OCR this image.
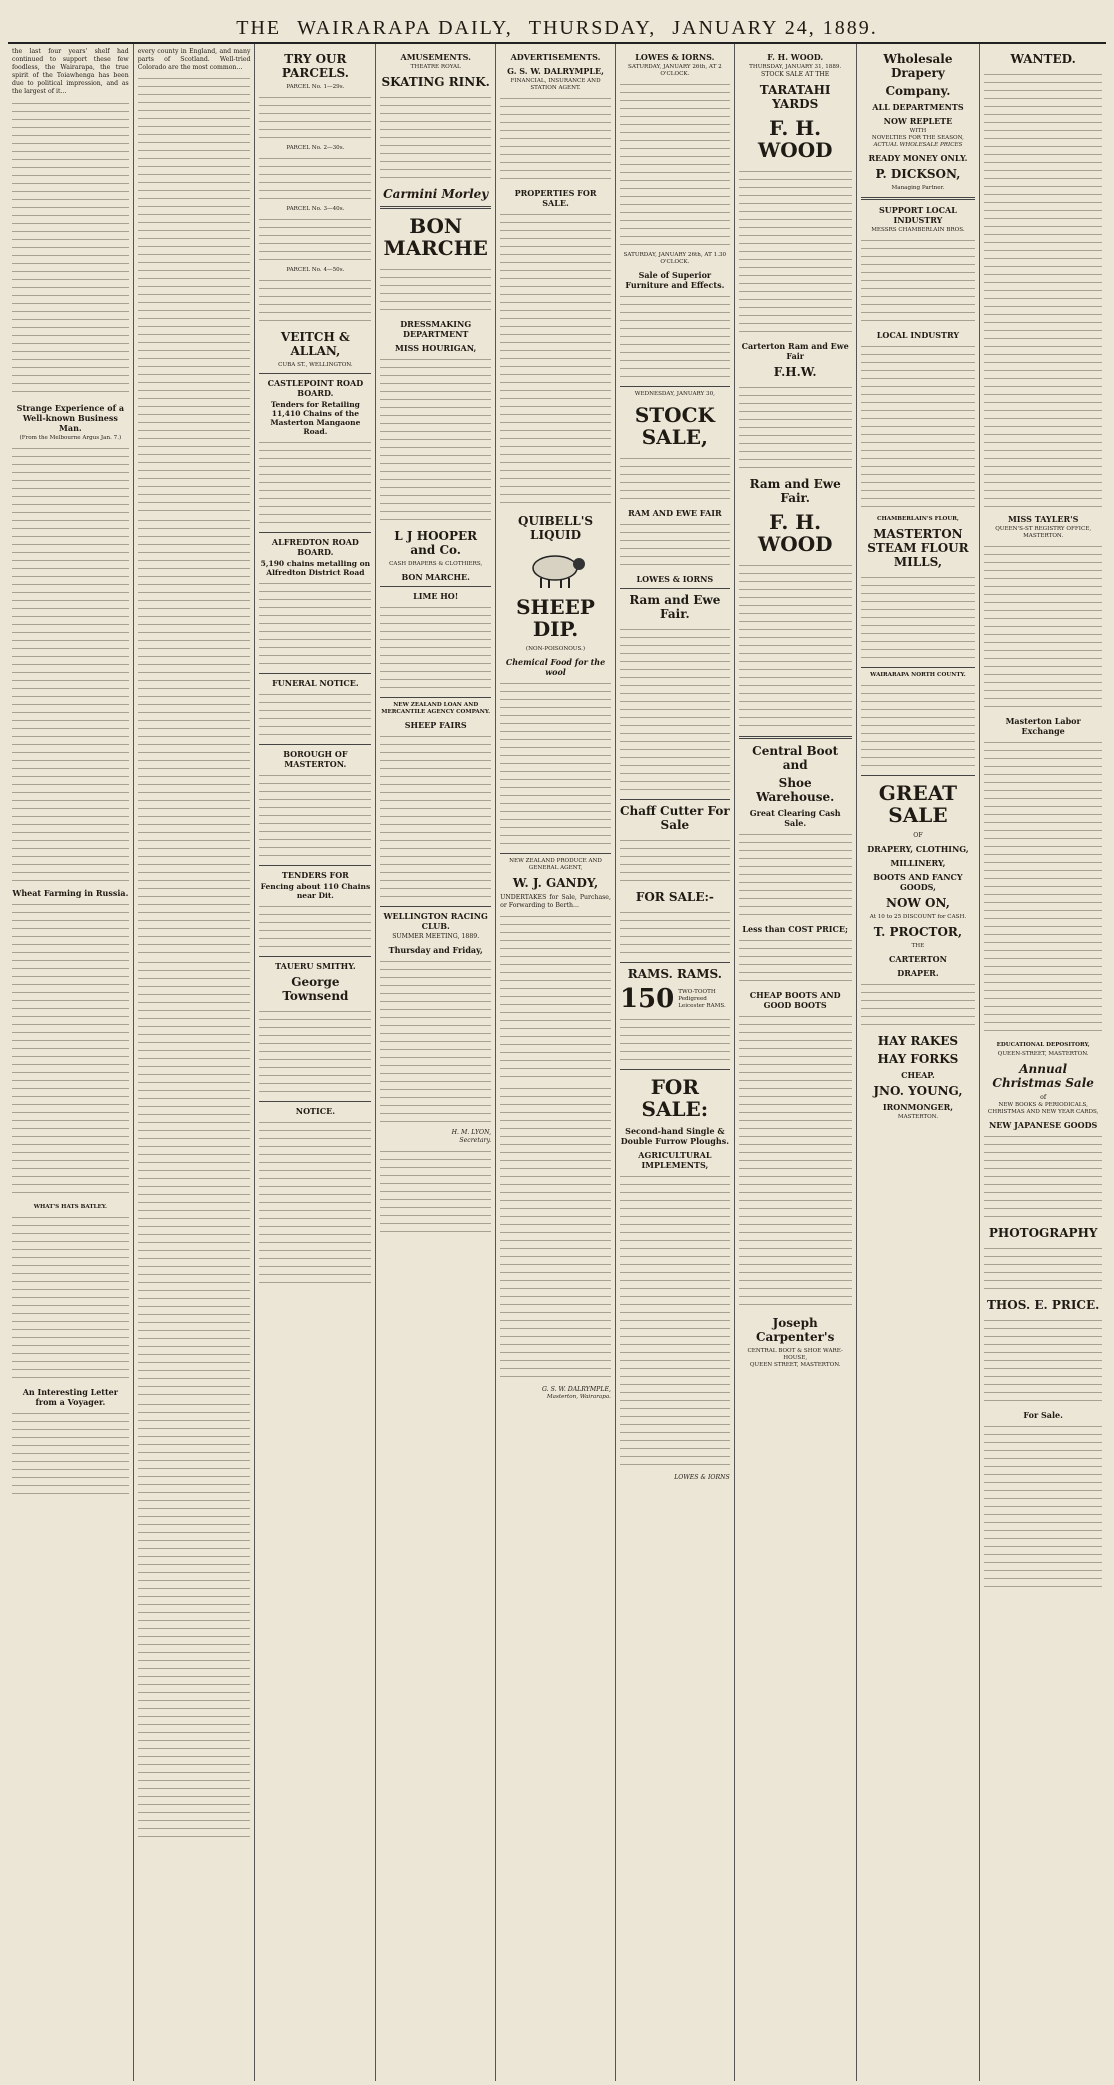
THE WAIRARAPA DAILY, THURSDAY, JANUARY 24, 1889.
the last four years' shelf had continued to support these few foodless, the Wairarapa, the true spirit of the Toiawhenga has been due to political impression, and as the largest of it...
Strange Experience of a Well-known Business Man.
(From the Melbourne Argus Jan. 7.)
Wheat Farming in Russia.
WHAT'S HATS BATLEY.
An Interesting Letter from a Voyager.
every county in England, and many parts of Scotland. Well-tried Colorado are the most common...
TRY OUR PARCELS.
PARCEL No. 1—29s.
PARCEL No. 2—30s.
PARCEL No. 3—40s.
PARCEL No. 4—50s.
VEITCH & ALLAN,
CUBA ST., WELLINGTON.
CASTLEPOINT ROAD BOARD.
Tenders for Retailing 11,410 Chains of the Masterton Mangaone Road.
ALFREDTON ROAD BOARD.
5,190 chains metalling on Alfredton District Road
FUNERAL NOTICE.
BOROUGH OF MASTERTON.
TENDERS FOR
Fencing about 110 Chains near Dit.
TAUERU SMITHY.
George Townsend
NOTICE.
AMUSEMENTS.
THEATRE ROYAL
SKATING RINK.
Carmini Morley
BON MARCHE
DRESSMAKING DEPARTMENT
MISS HOURIGAN,
L J HOOPER and Co.
CASH DRAPERS & CLOTHIERS,
BON MARCHE.
LIME HO!
NEW ZEALAND LOAN AND MERCANTILE AGENCY COMPANY.
SHEEP FAIRS
WELLINGTON RACING CLUB.
SUMMER MEETING, 1889.
Thursday and Friday,
H. M. LYON,
Secretary.
ADVERTISEMENTS.
G. S. W. DALRYMPLE,
FINANCIAL, INSURANCE AND STATION AGENT.
PROPERTIES FOR SALE.
QUIBELL'S LIQUID
SHEEP DIP.
(NON-POISONOUS.)
Chemical Food for the wool
NEW ZEALAND PRODUCE AND GENERAL AGENT,
W. J. GANDY,
UNDERTAKES for Sale, Purchase, or Forwarding to Berth...
G. S. W. DALRYMPLE,
Masterton, Wairarapa.
LOWES & IORNS.
SATURDAY, JANUARY 26th, AT 2 O'CLOCK.
SATURDAY, JANUARY 26th, AT 1.30 O'CLOCK.
Sale of Superior Furniture and Effects.
WEDNESDAY, JANUARY 30,
STOCK SALE,
RAM AND EWE FAIR
LOWES & IORNS
Ram and Ewe Fair.
Chaff Cutter For Sale
FOR SALE:-
RAMS. RAMS.
150 TWO-TOOTH Pedigreed Leicester RAMS.
FOR SALE:
Second-hand Single & Double Furrow Ploughs.
AGRICULTURAL IMPLEMENTS,
LOWES & IORNS
F. H. WOOD.
THURSDAY, JANUARY 31, 1889.
STOCK SALE AT THE
TARATAHI YARDS
F. H. WOOD
Carterton Ram and Ewe Fair
F.H.W.
Ram and Ewe Fair.
F. H. WOOD
Central Boot and
Shoe Warehouse.
Great Clearing Cash Sale.
Less than COST PRICE;
CHEAP BOOTS AND GOOD BOOTS
Joseph Carpenter's
CENTRAL BOOT & SHOE WARE-HOUSE,
QUEEN STREET, MASTERTON.
Wholesale Drapery
Company.
ALL DEPARTMENTS
NOW REPLETE
WITH
NOVELTIES FOR THE SEASON,
ACTUAL WHOLESALE PRICES
READY MONEY ONLY.
P. DICKSON,
Managing Partner.
SUPPORT LOCAL INDUSTRY
MESSRS CHAMBERLAIN BROS.
LOCAL INDUSTRY
CHAMBERLAIN'S FLOUR,
MASTERTON STEAM FLOUR MILLS,
WAIRARAPA NORTH COUNTY.
GREAT SALE
OF
DRAPERY, CLOTHING,
MILLINERY,
BOOTS AND FANCY GOODS,
NOW ON,
At 10 to 25 DISCOUNT for CASH.
T. PROCTOR,
THE
CARTERTON
DRAPER.
HAY RAKES
HAY FORKS
CHEAP.
JNO. YOUNG,
IRONMONGER,
MASTERTON.
WANTED.
MISS TAYLER'S
QUEEN'S-ST REGISTRY OFFICE, MASTERTON.
Masterton Labor Exchange
EDUCATIONAL DEPOSITORY,
QUEEN-STREET, MASTERTON.
Annual Christmas Sale
of
NEW BOOKS & PERIODICALS, CHRISTMAS AND NEW YEAR CARDS,
NEW JAPANESE GOODS
PHOTOGRAPHY
THOS. E. PRICE.
For Sale.
